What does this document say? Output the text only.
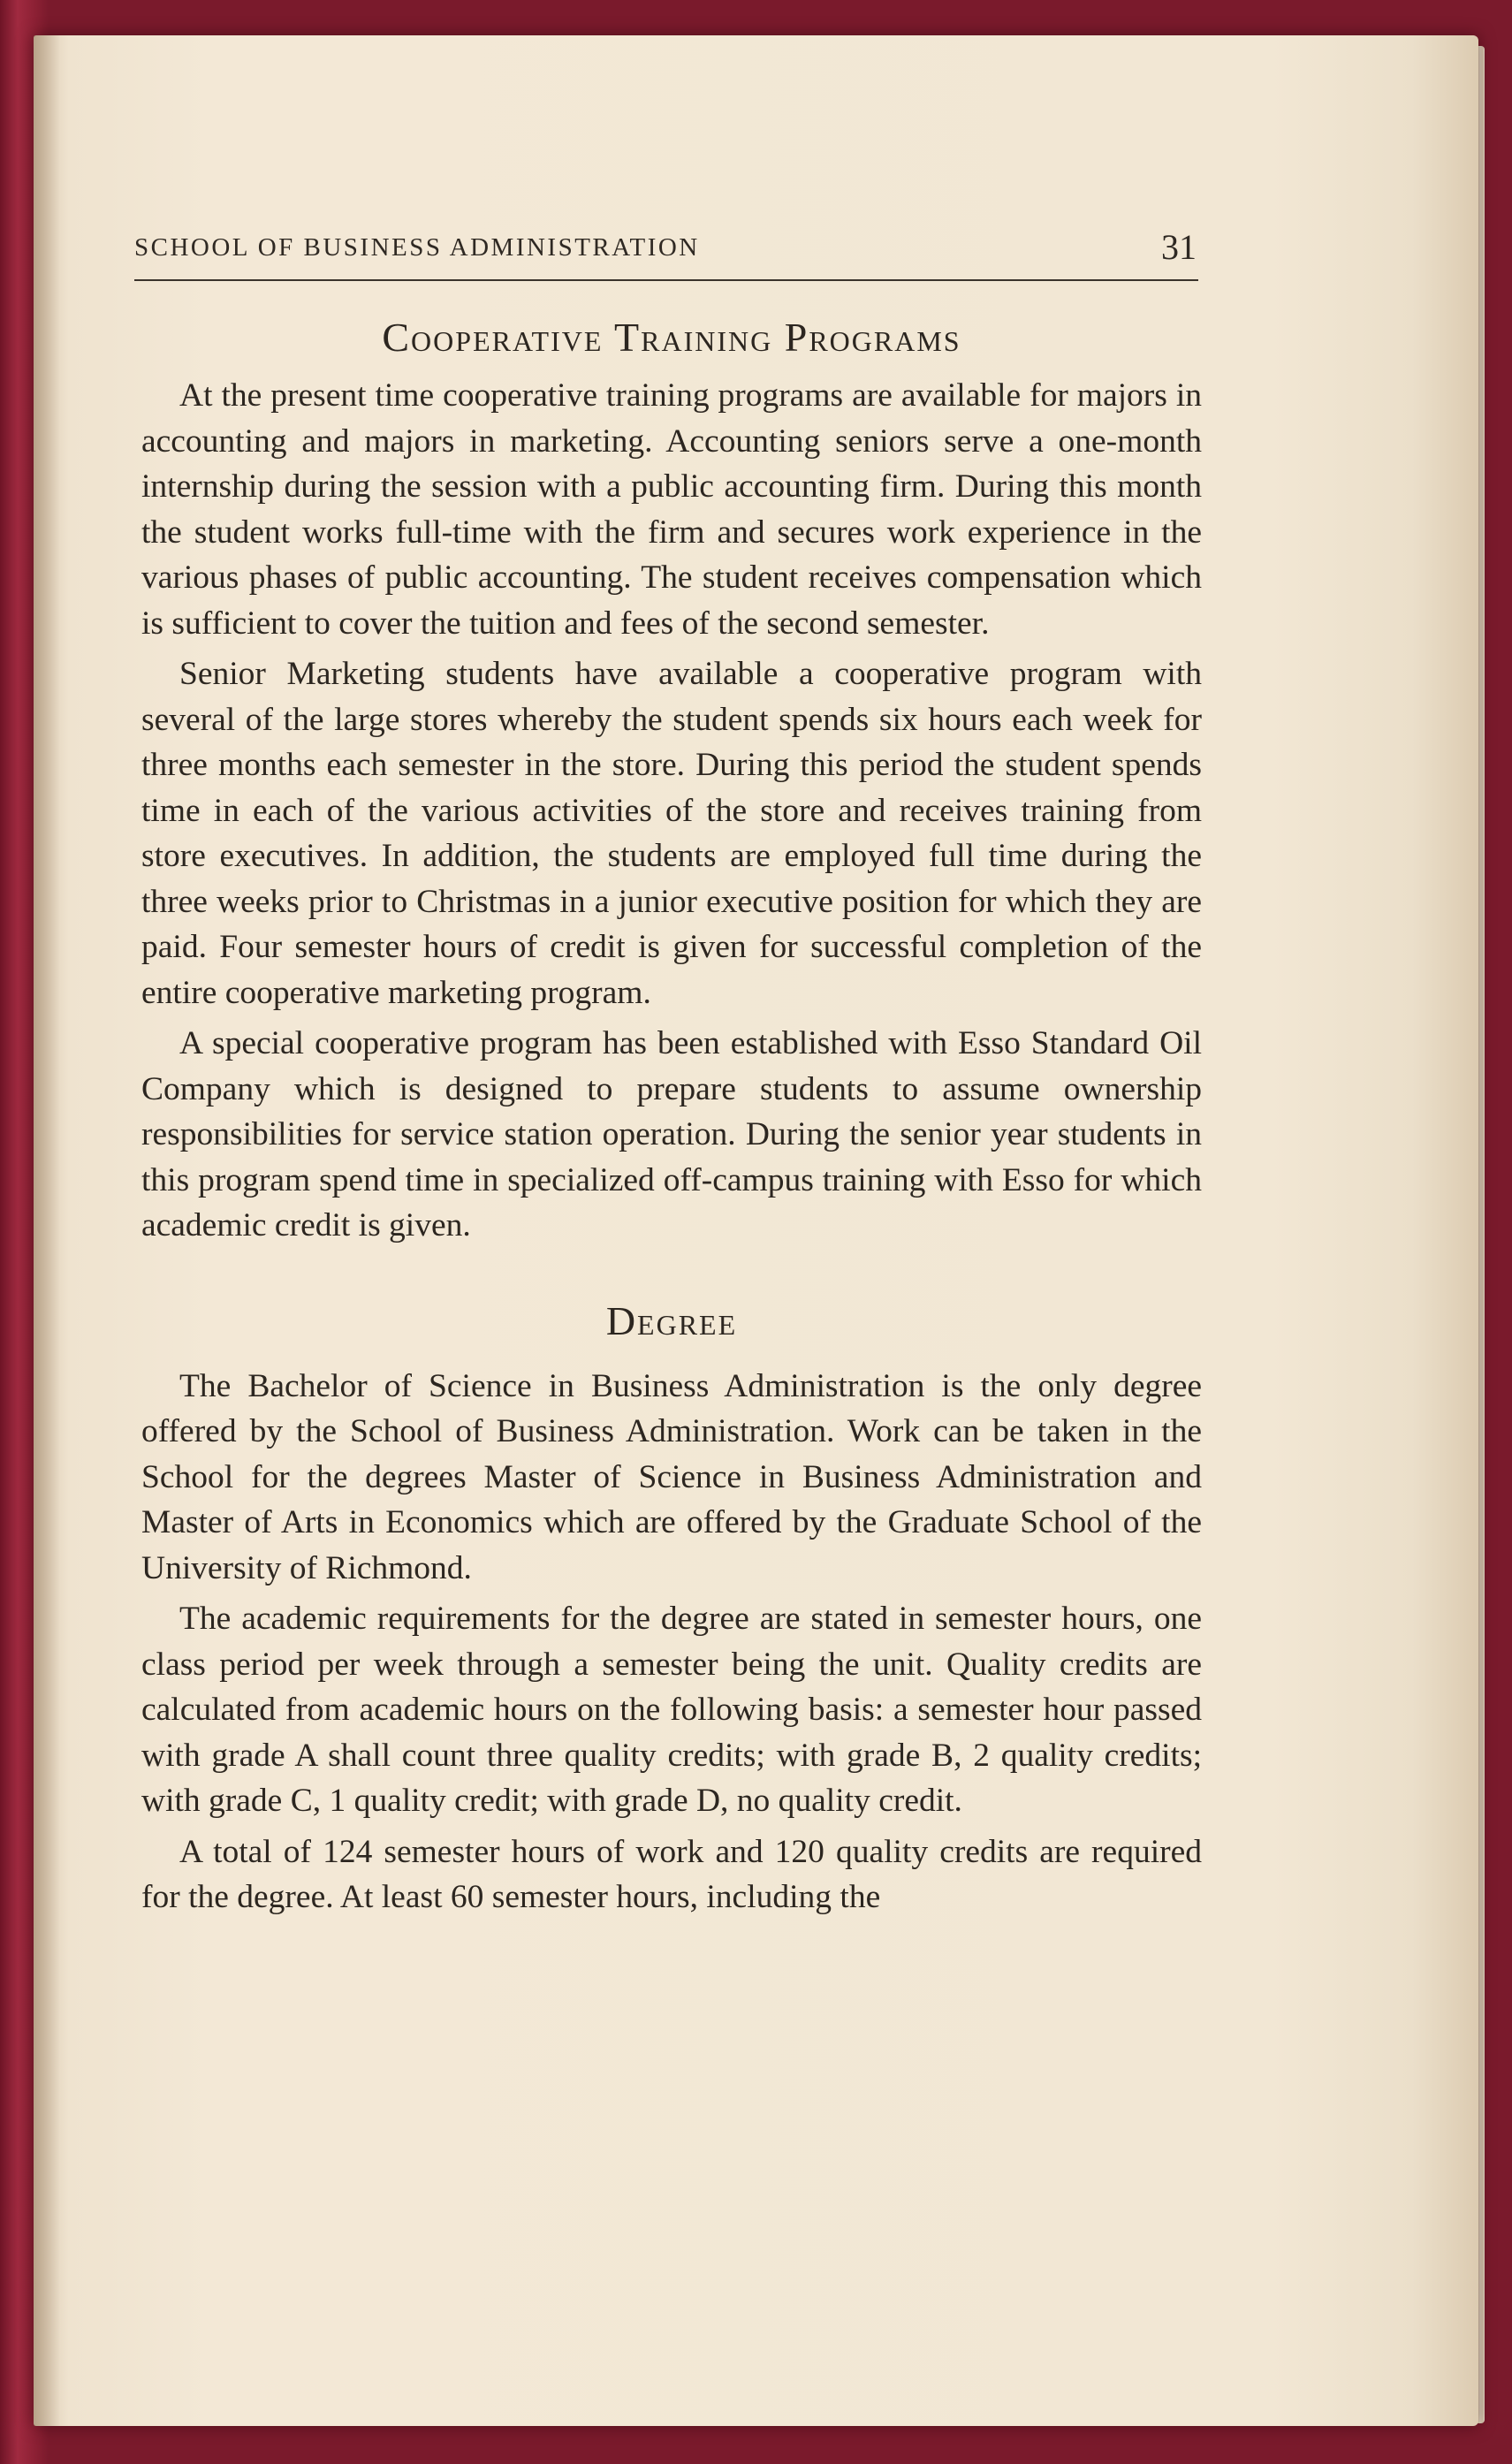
SCHOOL OF BUSINESS ADMINISTRATION	31
Cooperative Training Programs

At the present time cooperative training programs are available for majors in accounting and majors in marketing. Accounting seniors serve a one-month internship during the session with a public accounting firm. During this month the student works full-time with the firm and secures work experience in the various phases of public accounting. The student receives compensation which is sufficient to cover the tuition and fees of the second semester.

Senior Marketing students have available a cooperative program with several of the large stores whereby the student spends six hours each week for three months each semester in the store. During this period the student spends time in each of the various activities of the store and receives training from store executives. In addition, the students are employed full time during the three weeks prior to Christmas in a junior executive position for which they are paid. Four semester hours of credit is given for successful completion of the entire cooperative marketing program.

A special cooperative program has been established with Esso Standard Oil Company which is designed to prepare students to assume ownership responsibilities for service station operation. During the senior year students in this program spend time in specialized off-campus training with Esso for which academic credit is given.

Degree

The Bachelor of Science in Business Administration is the only degree offered by the School of Business Administration. Work can be taken in the School for the degrees Master of Science in Business Administration and Master of Arts in Economics which are offered by the Graduate School of the University of Richmond.

The academic requirements for the degree are stated in semester hours, one class period per week through a semester being the unit. Quality credits are calculated from academic hours on the following basis: a semester hour passed with grade A shall count three quality credits; with grade B, 2 quality credits; with grade C, 1 quality credit; with grade D, no quality credit.

A total of 124 semester hours of work and 120 quality credits are required for the degree. At least 60 semester hours, including the
